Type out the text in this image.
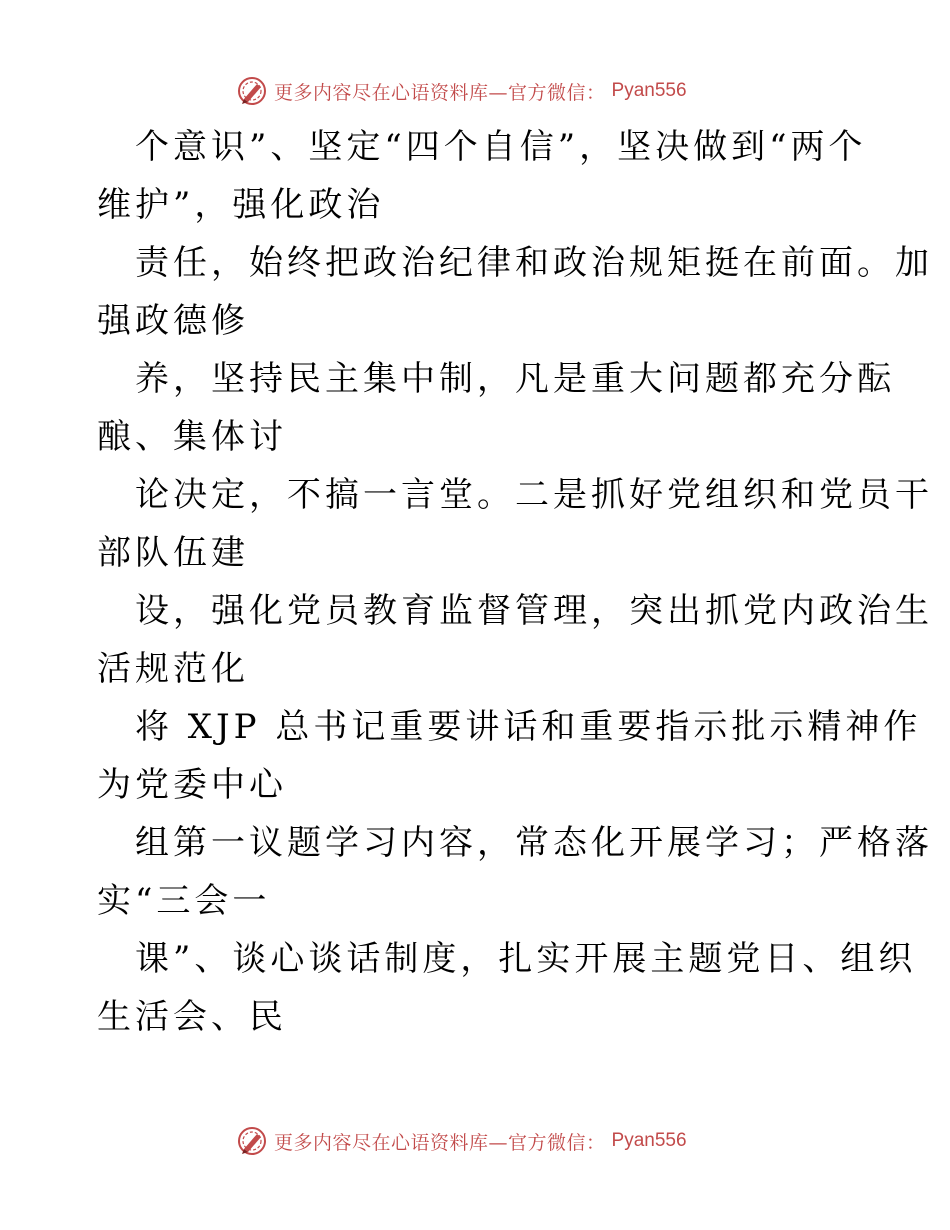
更多内容尽在心语资料库—官方微信： Pyan556
个意识”、坚定“四个自信”，坚决做到“两个
维护”，强化政治
责任，始终把政治纪律和政治规矩挺在前面。加
强政德修
养，坚持民主集中制，凡是重大问题都充分酝
酿、集体讨
论决定，不搞一言堂。二是抓好党组织和党员干
部队伍建
设，强化党员教育监督管理，突出抓党内政治生
活规范化
将 XJP 总书记重要讲话和重要指示批示精神作
为党委中心
组第一议题学习内容，常态化开展学习；严格落
实“三会一
课”、谈心谈话制度，扎实开展主题党日、组织
生活会、民
更多内容尽在心语资料库—官方微信： Pyan556
